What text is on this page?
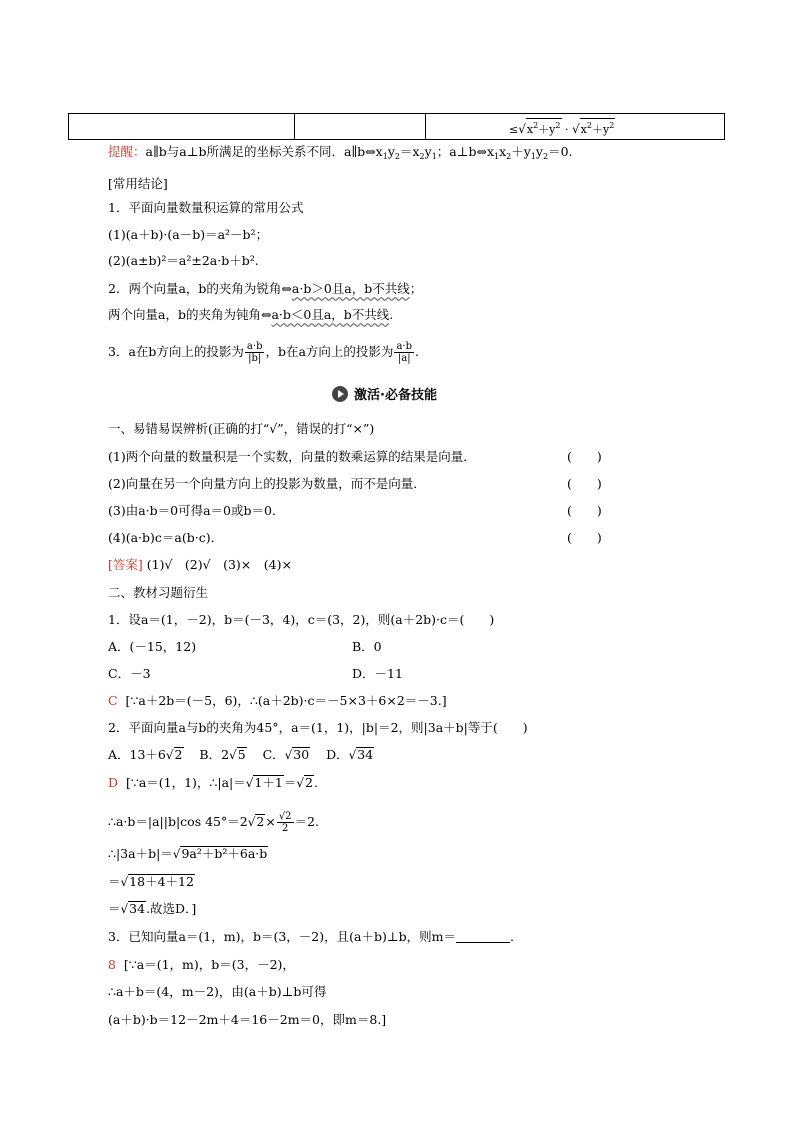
$\le√x^2+y^2 \cdot √x^2+y^2$
提醒：a∥b与a⊥b所满足的坐标关系不同．$a\parallel b\Leftrightarrow x_1y_2=x_2y_1$；$a\perp b\Leftrightarrow x_1x_2+y_1y_2=0$.
[常用结论]
1．平面向量数量积运算的常用公式
(1)(a＋b)·(a－b)＝a²－b²；
(2)(a±b)²＝a²±2a·b＋b².
2．两个向量a，b的夹角为锐角⇔a·b＞0且a，b不共线；
两个向量a，b的夹角为钝角⇔a·b＜0且a，b不共线.
3．a在b方向上的投影为 $\frac{a\cdot b}{|b|}$ ，b在a方向上的投影为 $\frac{a\cdot b}{|a|}$ .
激活·必备技能
一、易错易误辨析(正确的打“√”，错误的打“×”)
(1)两个向量的数量积是一个实数，向量的数乘运算的结果是向量．	(　　)
(2)向量在另一个向量方向上的投影为数量，而不是向量．	(　　)
(3)由a·b＝0可得a＝0或b＝0.	(　　)
(4)(a·b)c＝a(b·c)．	(　　)
[答案] (1)√　(2)√　(3)×　(4)×
二、教材习题衍生
1．设a＝(1，－2)，b＝(－3，4)，c＝(3，2)，则(a＋2b)·c＝(　　)
A．(－15，12)	B．0
C．－3	D．－11
C [∵a＋2b＝(－5，6)，∴(a＋2b)·c＝－5×3＋6×2＝－3.]
2．平面向量a与b的夹角为45°，a＝(1，1)，|b|＝2，则|3a＋b|等于(　　)
A．13＋6√2 B．2√5 C．√30 D．√34
D [∵a＝(1，1)，∴|a|＝√1＋1＝√2.
∴a·b＝|a||b|cos $45^\circ=2√2\times \frac{√2}{2} =2$.
∴|3a＋b|＝√9a²＋b²＋6a·b
＝√18＋4＋12
＝√34.故选D．]
3．已知向量a＝(1，m)，b＝(3，－2)，且(a＋b)⊥b，则m＝	.
8 [∵a＝(1，m)，b＝(3，－2)，
∴a＋b＝(4，m－2)，由(a＋b)⊥b可得
(a＋b)·b＝12－2m＋4＝16－2m＝0，即m＝8.]
